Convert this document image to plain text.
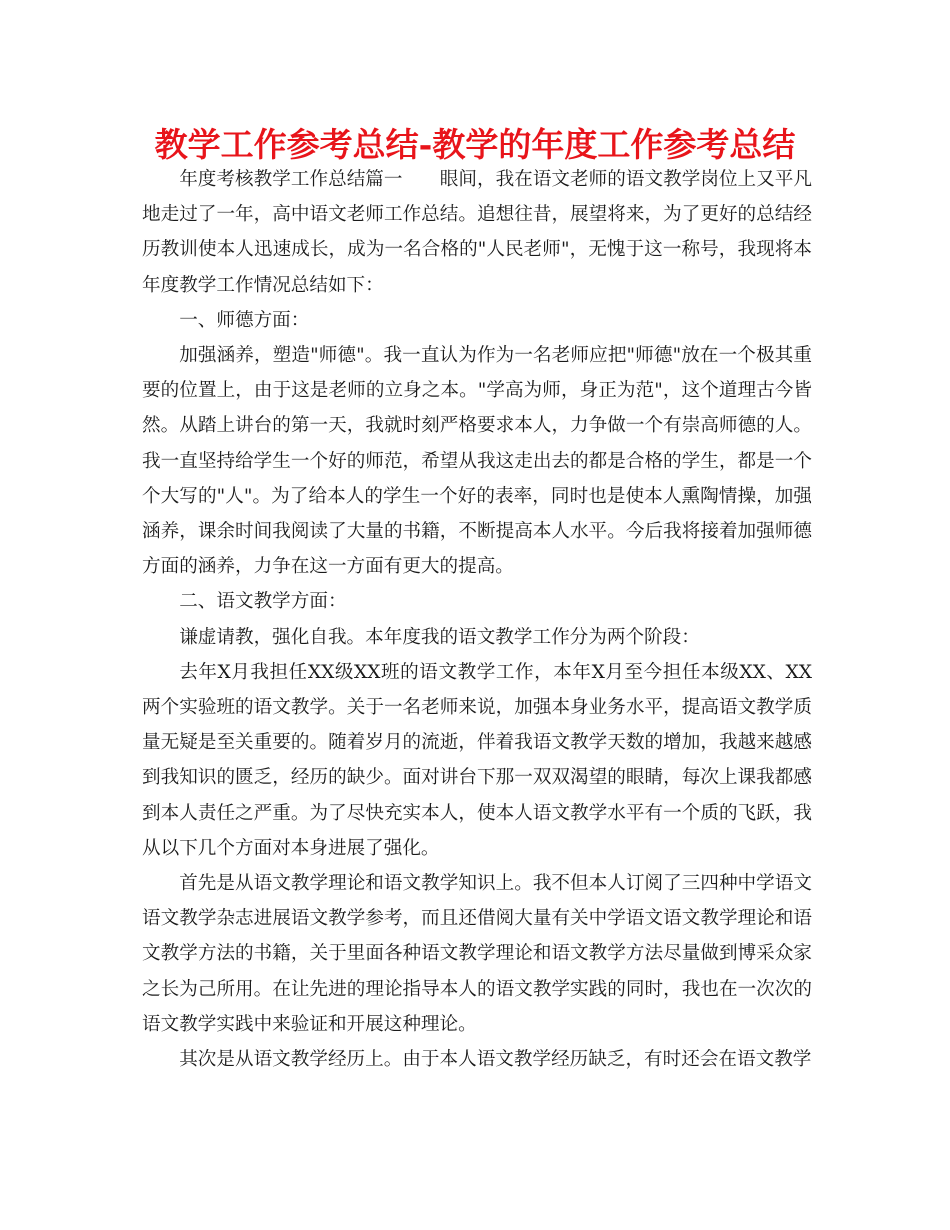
教学工作参考总结-教学的年度工作参考总结

年度考核教学工作总结篇一　　眼间，我在语文老师的语文教学岗位上又平凡地走过了一年，高中语文老师工作总结。追想往昔，展望将来，为了更好的总结经历教训使本人迅速成长，成为一名合格的"人民老师"，无愧于这一称号，我现将本年度教学工作情况总结如下：

一、师德方面：

加强涵养，塑造"师德"。我一直认为作为一名老师应把"师德"放在一个极其重要的位置上，由于这是老师的立身之本。"学高为师，身正为范"，这个道理古今皆然。从踏上讲台的第一天，我就时刻严格要求本人，力争做一个有崇高师德的人。我一直坚持给学生一个好的师范，希望从我这走出去的都是合格的学生，都是一个个大写的"人"。为了给本人的学生一个好的表率，同时也是使本人熏陶情操，加强涵养，课余时间我阅读了大量的书籍，不断提高本人水平。今后我将接着加强师德方面的涵养，力争在这一方面有更大的提高。

二、语文教学方面：

谦虚请教，强化自我。本年度我的语文教学工作分为两个阶段：

去年X月我担任XX级XX班的语文教学工作，本年X月至今担任本级XX、XX两个实验班的语文教学。关于一名老师来说，加强本身业务水平，提高语文教学质量无疑是至关重要的。随着岁月的流逝，伴着我语文教学天数的增加，我越来越感到我知识的匮乏，经历的缺少。面对讲台下那一双双渴望的眼睛，每次上课我都感到本人责任之严重。为了尽快充实本人，使本人语文教学水平有一个质的飞跃，我从以下几个方面对本身进展了强化。

首先是从语文教学理论和语文教学知识上。我不但本人订阅了三四种中学语文语文教学杂志进展语文教学参考，而且还借阅大量有关中学语文语文教学理论和语文教学方法的书籍，关于里面各种语文教学理论和语文教学方法尽量做到博采众家之长为己所用。在让先进的理论指导本人的语文教学实践的同时，我也在一次次的语文教学实践中来验证和开展这种理论。

其次是从语文教学经历上。由于本人语文教学经历缺乏，有时还会在语文教学
